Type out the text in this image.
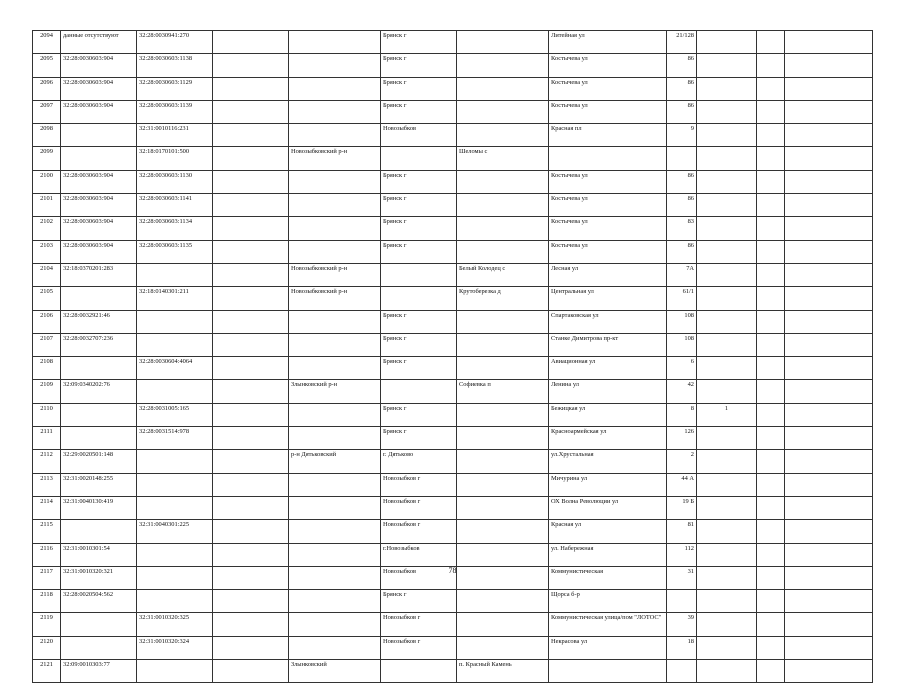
2094	данные отсутствуют	32:28:0030941:270			Брянск г		Литейная ул	21/128			
2095	32:28:0030603:904	32:28:0030603:1138			Брянск г		Костычева ул	86			
2096	32:28:0030603:904	32:28:0030603:1129			Брянск г		Костычева ул	86			
2097	32:28:0030603:904	32:28:0030603:1139			Брянск г		Костычева ул	86			
2098		32:31:0010116:231			Новозыбков		Красная пл	9			
2099		32:18:0170101:500		Новозыбковский р-н		Шеломы с					
2100	32:28:0030603:904	32:28:0030603:1130			Брянск г		Костычева ул	86			
2101	32:28:0030603:904	32:28:0030603:1141			Брянск г		Костычева ул	86			
2102	32:28:0030603:904	32:28:0030603:1134			Брянск г		Костычева ул	83			
2103	32:28:0030603:904	32:28:0030603:1135			Брянск г		Костычева ул	86			
2104	32:18:0370201:283			Новозыбковский р-н		Белый Колодец с	Лесная ул	7А			
2105		32:18:0140301:211		Новозыбковский р-н		Крутоберезка д	Центральная ул	61/1			
2106	32:28:0032921:46				Брянск г		Спартаковская ул	108			
2107	32:28:0032707:236				Брянск г		Станке Димитрова пр-кт	108			
2108		32:28:0030604:4064			Брянск г		Авиационная ул	6			
2109	32:09:0340202:76			Злынковский р-н		Софиевка п	Ленина ул	42			
2110		32:28:0031005:165			Брянск г		Бежицкая ул	8	1		
2111		32:28:0031514:978			Брянск г		Красноармейская ул	126			
2112	32:29:0020501:148			р-н Дятьковский	г. Дятьково		ул.Хрустальная	2			
2113	32:31:0020148:255				Новозыбков г		Мичурина ул	44 А			
2114	32:31:0040130:419				Новозыбков г		ОХ Волна Революции ул	19 Б			
2115		32:31:0040301:225			Новозыбков г		Красная ул	81			
2116	32:31:0010301:54				г.Новозыбков		ул. Набережная	112			
2117	32:31:0010320:321				Новозыбков		Коммунистическая	31			
2118	32:28:0020504:562				Брянск г		Щорса б-р				
2119		32:31:0010320:325			Новозыбков г		Коммунистическая улица/пом "ЛОТОС"	39			
2120		32:31:0010320:324			Новозыбков г		Некрасова ул	18			
2121	32:09:0010303:77			Злынковский		п. Красный Камень					
78
